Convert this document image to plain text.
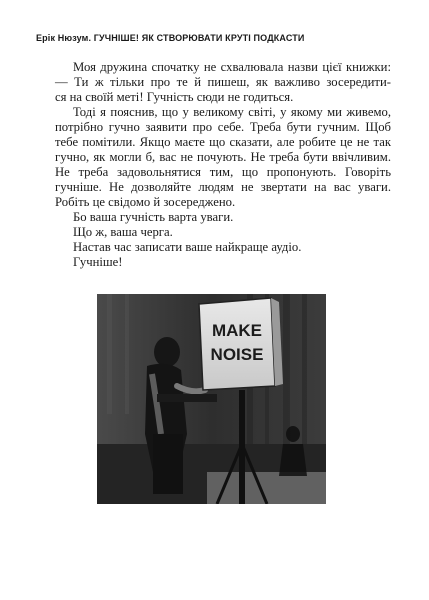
Ерік Нюзум. ГУЧНІШЕ! ЯК СТВОРЮВАТИ КРУТІ ПОДКАСТИ
Моя дружина спочатку не схвалювала назви цієї книжки:
— Ти ж тільки про те й пишеш, як важливо зосередити-
ся на своїй меті! Гучність сюди не годиться.
Тоді я пояснив, що у великому світі, у якому ми живемо,
потрібно гучно заявити про себе. Треба бути гучним. Щоб
тебе помітили. Якщо маєте що сказати, але робите це не так
гучно, як могли б, вас не почують. Не треба бути ввічливим.
Не треба задовольнятися тим, що пропонують. Говоріть
гучніше. Не дозволяйте людям не звертати на вас уваги.
Робіть це свідомо й зосереджено.
Бо ваша гучність варта уваги.
Що ж, ваша черга.
Настав час записати ваше найкраще аудіо.
Гучніше!
MAKE
NOISE
